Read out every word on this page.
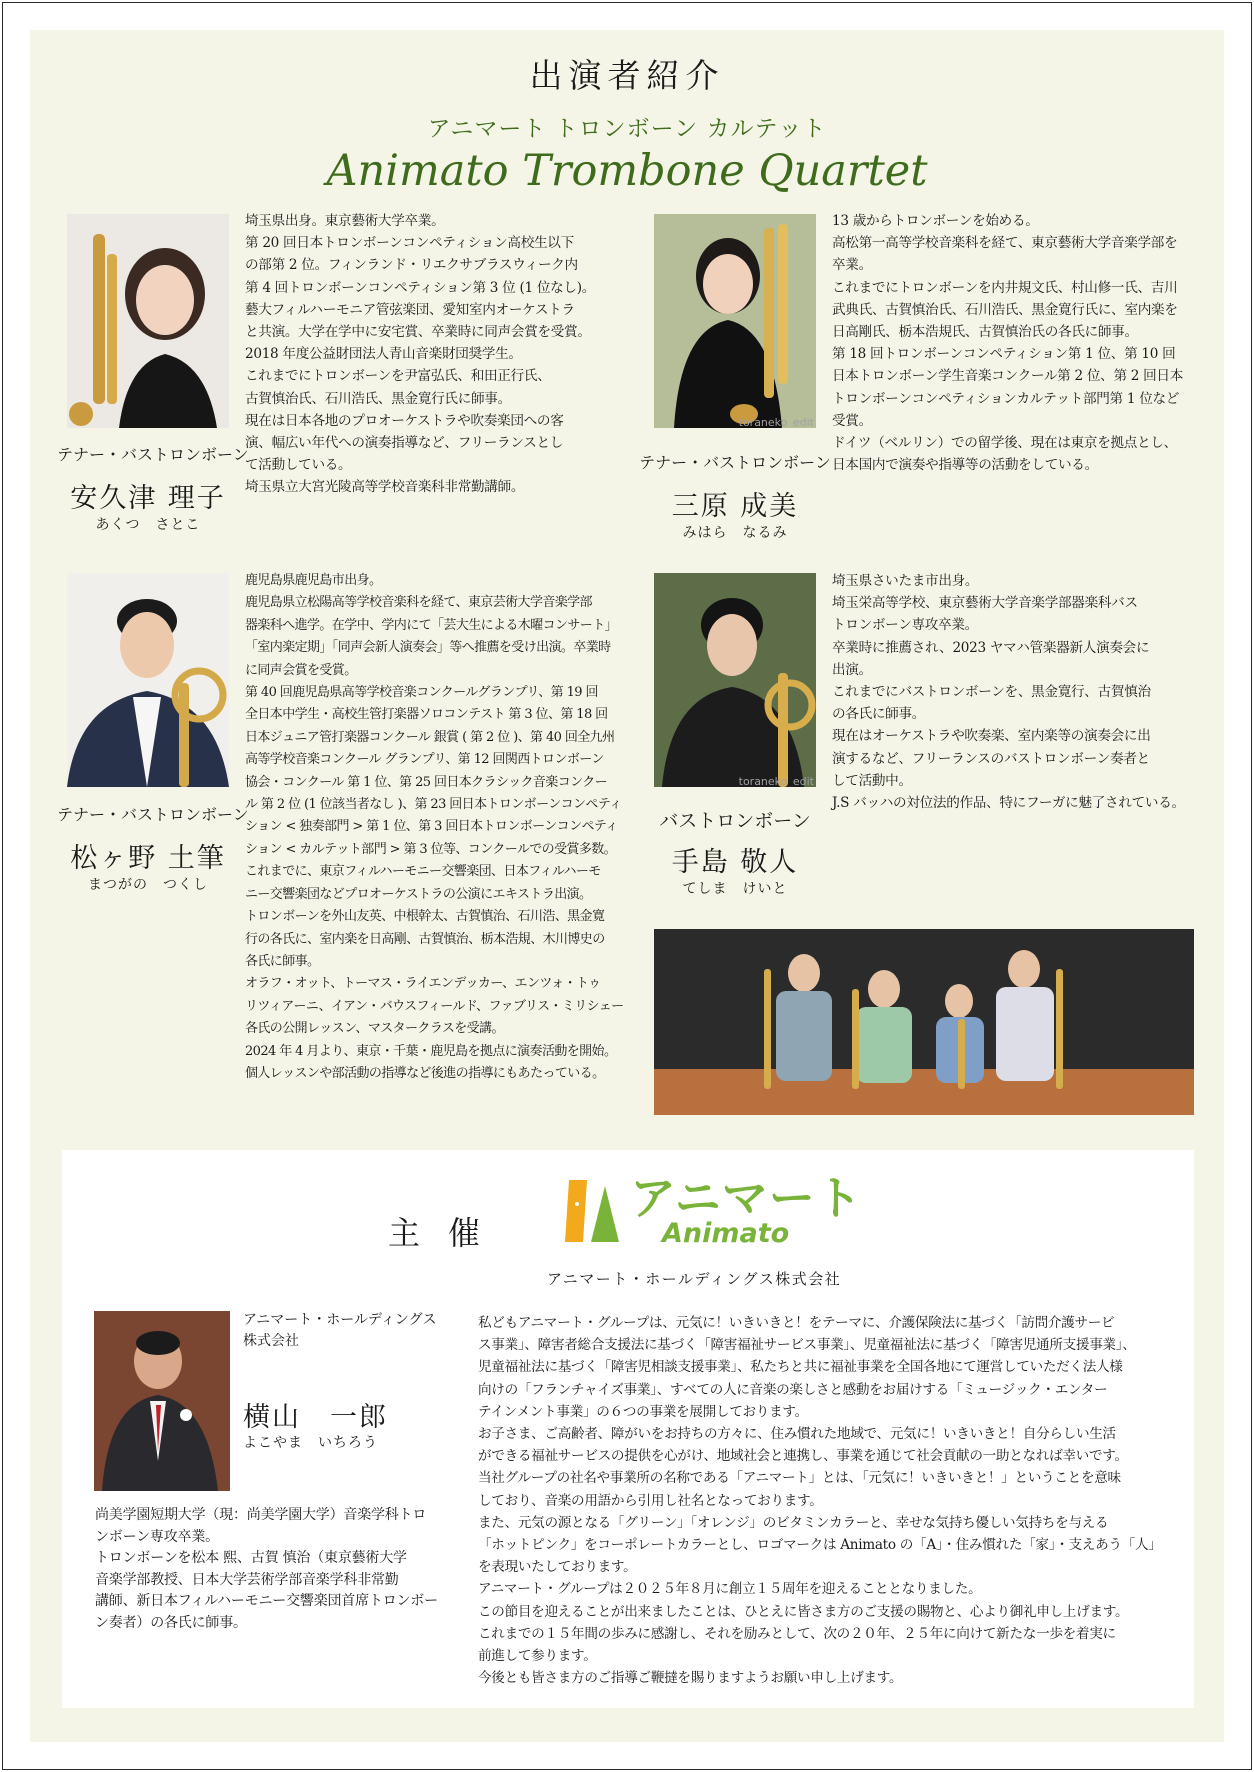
出演者紹介
アニマート トロンボーン カルテット
Animato Trombone Quartet
テナー・バストロンボーン
安久津 理子
あくつ　さとこ

埼玉県出身。東京藝術大学卒業。

第 20 回日本トロンボーンコンペティション高校生以下

の部第 2 位。フィンランド・リエクサブラスウィーク内

第 4 回トロンボーンコンペティション第 3 位 (1 位なし)。

藝大フィルハーモニア管弦楽団、愛知室内オーケストラ

と共演。大学在学中に安宅賞、卒業時に同声会賞を受賞。

2018 年度公益財団法人青山音楽財団奨学生。

これまでにトロンボーンを尹富弘氏、和田正行氏、

古賀慎治氏、石川浩氏、黒金寛行氏に師事。

現在は日本各地のプロオーケストラや吹奏楽団への客

演、幅広い年代への演奏指導など、フリーランスとし

て活動している。

埼玉県立大宮光陵高等学校音楽科非常勤講師。

toraneko_edit
テナー・バストロンボーン
三原 成美
みはら　なるみ

13 歳からトロンボーンを始める。

高松第一高等学校音楽科を経て、東京藝術大学音楽学部を

卒業。

これまでにトロンボーンを内井規文氏、村山修一氏、吉川

武典氏、古賀慎治氏、石川浩氏、黒金寛行氏に、室内楽を

日高剛氏、栃本浩規氏、古賀慎治氏の各氏に師事。

第 18 回トロンボーンコンペティション第 1 位、第 10 回

日本トロンボーン学生音楽コンクール第 2 位、第 2 回日本

トロンボーンコンペティションカルテット部門第 1 位など

受賞。

ドイツ（ベルリン）での留学後、現在は東京を拠点とし、

日本国内で演奏や指導等の活動をしている。

テナー・バストロンボーン
松ヶ野 土筆
まつがの　つくし

鹿児島県鹿児島市出身。

鹿児島県立松陽高等学校音楽科を経て、東京芸術大学音楽学部

器楽科へ進学。在学中、学内にて「芸大生による木曜コンサート」

「室内楽定期」「同声会新人演奏会」等へ推薦を受け出演。卒業時

に同声会賞を受賞。

第 40 回鹿児島県高等学校音楽コンクールグランプリ、第 19 回

全日本中学生・高校生管打楽器ソロコンテスト 第 3 位、第 18 回

日本ジュニア管打楽器コンクール 銀賞 ( 第 2 位 )、第 40 回全九州

高等学校音楽コンクール グランプリ、第 12 回関西トロンボーン

協会・コンクール 第 1 位、第 25 回日本クラシック音楽コンクー

ル 第 2 位 (1 位該当者なし )、第 23 回日本トロンボーンコンペティ

ション < 独奏部門 > 第 1 位、第 3 回日本トロンボーンコンペティ

ション < カルテット部門 > 第 3 位等、コンクールでの受賞多数。

これまでに、東京フィルハーモニー交響楽団、日本フィルハーモ

ニー交響楽団などプロオーケストラの公演にエキストラ出演。

トロンボーンを外山友英、中根幹太、古賀慎治、石川浩、黒金寛

行の各氏に、室内楽を日高剛、古賀慎治、栃本浩規、木川博史の

各氏に師事。

オラフ・オット、トーマス・ライエンデッカー、エンツォ・トゥ

リツィアーニ、イアン・バウスフィールド、ファブリス・ミリシェー

各氏の公開レッスン、マスタークラスを受講。

2024 年 4 月より、東京・千葉・鹿児島を拠点に演奏活動を開始。

個人レッスンや部活動の指導など後進の指導にもあたっている。

toraneko_edit
バストロンボーン
手島 敬人
てしま　けいと

埼玉県さいたま市出身。

埼玉栄高等学校、東京藝術大学音楽学部器楽科バス

トロンボーン専攻卒業。

卒業時に推薦され、2023 ヤマハ管楽器新人演奏会に

出演。

これまでにバストロンボーンを、黒金寛行、古賀慎治

の各氏に師事。

現在はオーケストラや吹奏楽、室内楽等の演奏会に出

演するなど、フリーランスのバストロンボーン奏者と

して活動中。

J.S バッハの対位法的作品、特にフーガに魅了されている。

主催
アニマート
Animato
アニマート・ホールディングス株式会社

アニマート・ホールディングス

株式会社

横山　一郎
よこやま　いちろう

尚美学園短期大学（現：尚美学園大学）音楽学科トロ

ンボーン専攻卒業。

トロンボーンを松本 熙、古賀 慎治（東京藝術大学

音楽学部教授、日本大学芸術学部音楽学科非常勤

講師、新日本フィルハーモニー交響楽団首席トロンボー

ン奏者）の各氏に師事。

私どもアニマート・グループは、元気に！いきいきと！をテーマに、介護保険法に基づく「訪問介護サービ

ス事業」、障害者総合支援法に基づく「障害福祉サービス事業」、児童福祉法に基づく「障害児通所支援事業」、

児童福祉法に基づく「障害児相談支援事業」、私たちと共に福祉事業を全国各地にて運営していただく法人様

向けの「フランチャイズ事業」、すべての人に音楽の楽しさと感動をお届けする「ミュージック・エンター

テインメント事業」の６つの事業を展開しております。

お子さま、ご高齢者、障がいをお持ちの方々に、住み慣れた地域で、元気に！いきいきと！自分らしい生活

ができる福祉サービスの提供を心がけ、地域社会と連携し、事業を通じて社会貢献の一助となれば幸いです。

当社グループの社名や事業所の名称である「アニマート」とは、「元気に！いきいきと！」ということを意味

しており、音楽の用語から引用し社名となっております。

また、元気の源となる「グリーン」「オレンジ」のビタミンカラーと、幸せな気持ち優しい気持ちを与える

「ホットピンク」をコーポレートカラーとし、ロゴマークは Animato の「A」・住み慣れた「家」・支えあう「人」

を表現いたしております。

アニマート・グループは２０２５年８月に創立１５周年を迎えることとなりました。

この節目を迎えることが出来ましたことは、ひとえに皆さま方のご支援の賜物と、心より御礼申し上げます。

これまでの１５年間の歩みに感謝し、それを励みとして、次の２０年、２５年に向けて新たな一歩を着実に

前進して参ります。

今後とも皆さま方のご指導ご鞭撻を賜りますようお願い申し上げます。
